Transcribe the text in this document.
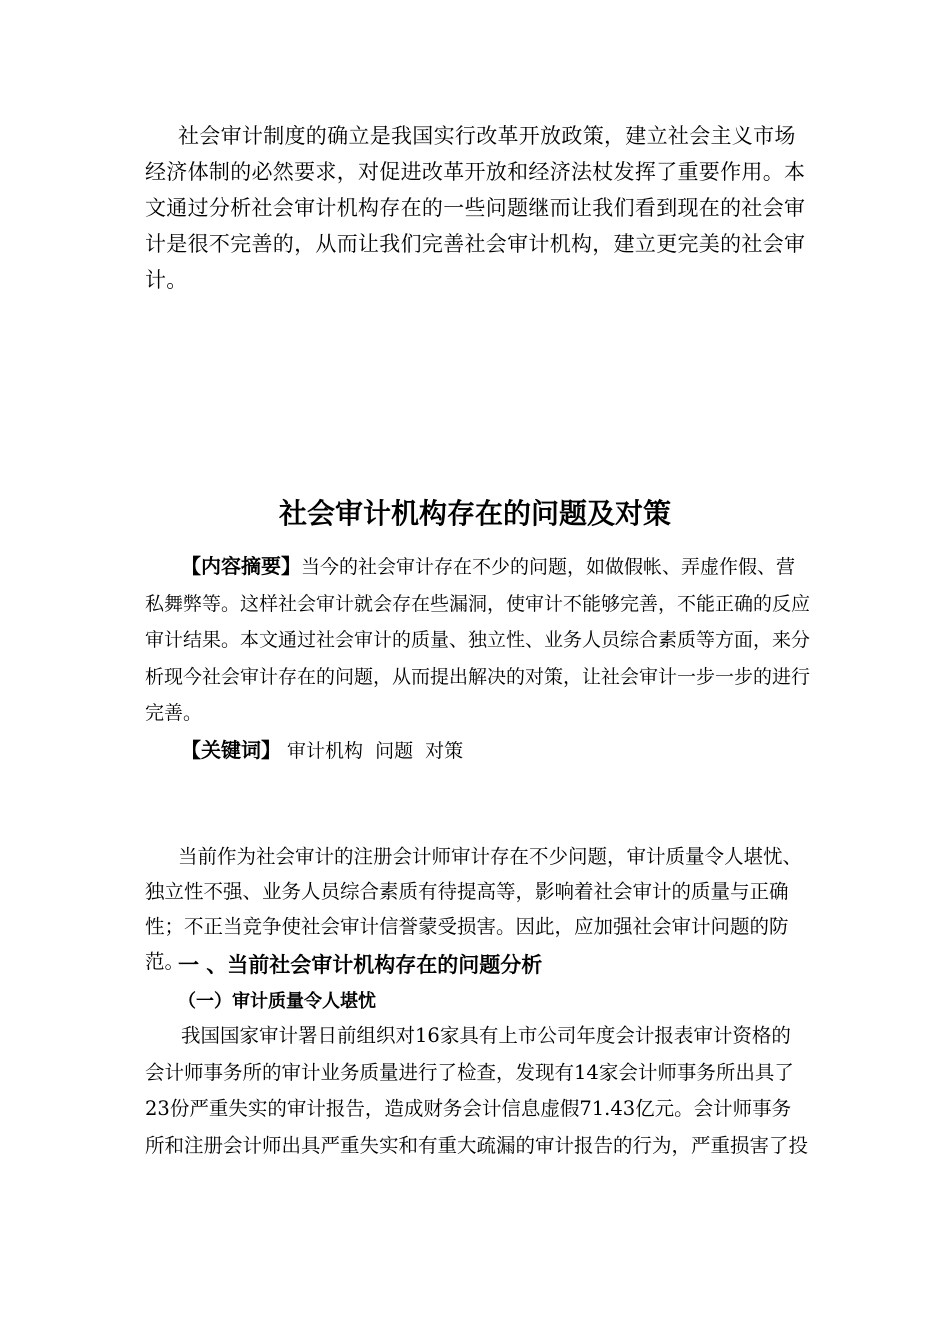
社会审计制度的确立是我国实行改革开放政策，建立社会主义市场经济体制的必然要求，对促进改革开放和经济法杖发挥了重要作用。本文通过分析社会审计机构存在的一些问题继而让我们看到现在的社会审计是很不完善的，从而让我们完善社会审计机构，建立更完美的社会审计。

社会审计机构存在的问题及对策

【内容摘要】当今的社会审计存在不少的问题，如做假帐、弄虚作假、营私舞弊等。这样社会审计就会存在些漏洞，使审计不能够完善，不能正确的反应审计结果。本文通过社会审计的质量、独立性、业务人员综合素质等方面，来分析现今社会审计存在的问题，从而提出解决的对策，让社会审计一步一步的进行完善。

【关键词】 审计机构  问题  对策

当前作为社会审计的注册会计师审计存在不少问题，审计质量令人堪忧、独立性不强、业务人员综合素质有待提高等，影响着社会审计的质量与正确性；不正当竞争使社会审计信誉蒙受损害。因此，应加强社会审计问题的防范。

一 、当前社会审计机构存在的问题分析
（一）审计质量令人堪忧

我国国家审计署日前组织对16家具有上市公司年度会计报表审计资格的会计师事务所的审计业务质量进行了检查，发现有14家会计师事务所出具了23份严重失实的审计报告，造成财务会计信息虚假71.43亿元。会计师事务所和注册会计师出具严重失实和有重大疏漏的审计报告的行为，严重损害了投
